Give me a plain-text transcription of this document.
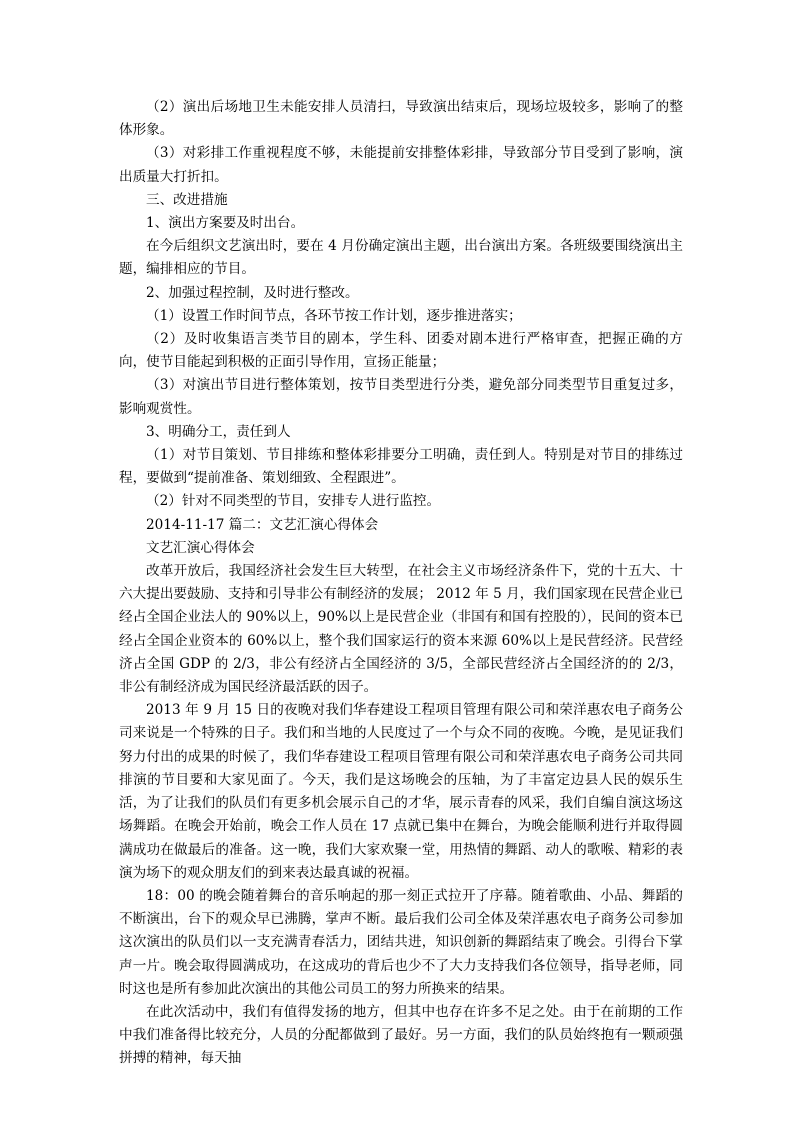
（2）演出后场地卫生未能安排人员清扫，导致演出结束后，现场垃圾较多，影响了的整体形象。

（3）对彩排工作重视程度不够，未能提前安排整体彩排，导致部分节目受到了影响，演出质量大打折扣。

三、改进措施

1、演出方案要及时出台。

在今后组织文艺演出时，要在 4 月份确定演出主题，出台演出方案。各班级要围绕演出主题，编排相应的节目。

2、加强过程控制，及时进行整改。

（1）设置工作时间节点，各环节按工作计划，逐步推进落实；

（2）及时收集语言类节目的剧本，学生科、团委对剧本进行严格审查，把握正确的方向，使节目能起到积极的正面引导作用，宣扬正能量；

（3）对演出节目进行整体策划，按节目类型进行分类，避免部分同类型节目重复过多，影响观赏性。

3、明确分工，责任到人

（1）对节目策划、节目排练和整体彩排要分工明确，责任到人。特别是对节目的排练过程，要做到“提前准备、策划细致、全程跟进”。

（2）针对不同类型的节目，安排专人进行监控。

2014-11-17 篇二：文艺汇演心得体会

文艺汇演心得体会

改革开放后，我国经济社会发生巨大转型，在社会主义市场经济条件下，党的十五大、十六大提出要鼓励、支持和引导非公有制经济的发展； 2012 年 5 月，我们国家现在民营企业已经占全国企业法人的 90%以上，90%以上是民营企业（非国有和国有控股的），民间的资本已经占全国企业资本的 60%以上，整个我们国家运行的资本来源 60%以上是民营经济。民营经济占全国 GDP 的 2/3，非公有经济占全国经济的 3/5，全部民营经济占全国经济的的 2/3，非公有制经济成为国民经济最活跃的因子。

2013 年 9 月 15 日的夜晚对我们华春建设工程项目管理有限公司和荣洋惠农电子商务公司来说是一个特殊的日子。我们和当地的人民度过了一个与众不同的夜晚。今晚，是见证我们努力付出的成果的时候了，我们华春建设工程项目管理有限公司和荣洋惠农电子商务公司共同排演的节目要和大家见面了。今天，我们是这场晚会的压轴，为了丰富定边县人民的娱乐生活，为了让我们的队员们有更多机会展示自己的才华，展示青春的风采，我们自编自演这场这场舞蹈。在晚会开始前，晚会工作人员在 17 点就已集中在舞台，为晚会能顺利进行并取得圆满成功在做最后的准备。这一晚，我们大家欢聚一堂，用热情的舞蹈、动人的歌喉、精彩的表演为场下的观众朋友们的到来表达最真诚的祝福。

18：00 的晚会随着舞台的音乐响起的那一刻正式拉开了序幕。随着歌曲、小品、舞蹈的不断演出，台下的观众早已沸腾，掌声不断。最后我们公司全体及荣洋惠农电子商务公司参加这次演出的队员们以一支充满青春活力，团结共进，知识创新的舞蹈结束了晚会。引得台下掌声一片。晚会取得圆满成功，在这成功的背后也少不了大力支持我们各位领导，指导老师，同时这也是所有参加此次演出的其他公司员工的努力所换来的结果。

在此次活动中，我们有值得发扬的地方，但其中也存在许多不足之处。由于在前期的工作中我们准备得比较充分，人员的分配都做到了最好。另一方面，我们的队员始终抱有一颗顽强拼搏的精神，每天抽
